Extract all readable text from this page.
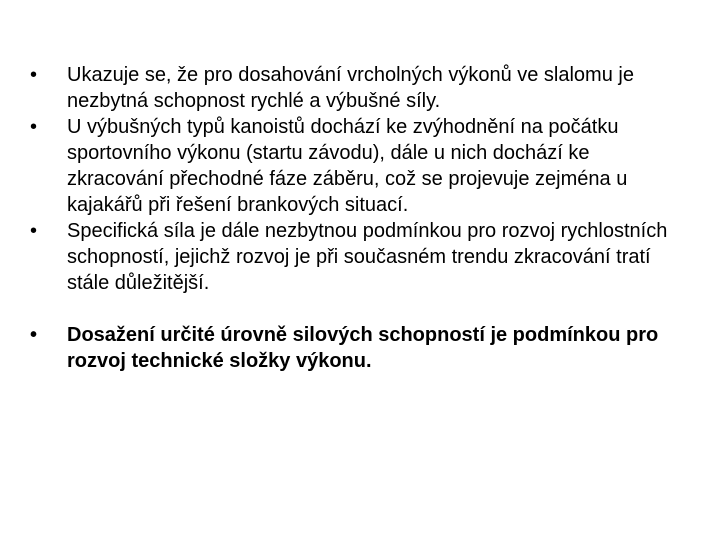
•	Ukazuje se, že pro dosahování vrcholných výkonů ve slalomu je nezbytná schopnost rychlé a výbušné síly.
•	U výbušných typů kanoistů dochází ke zvýhodnění na počátku sportovního výkonu (startu závodu), dále u nich dochází ke zkracování přechodné fáze záběru, což se projevuje zejména u kajakářů při řešení brankových situací.
•	Specifická síla je dále nezbytnou podmínkou pro rozvoj rychlostních schopností, jejichž rozvoj je při současném trendu zkracování tratí stále důležitější.
•	Dosažení určité úrovně silových schopností je podmínkou pro rozvoj technické složky výkonu.
